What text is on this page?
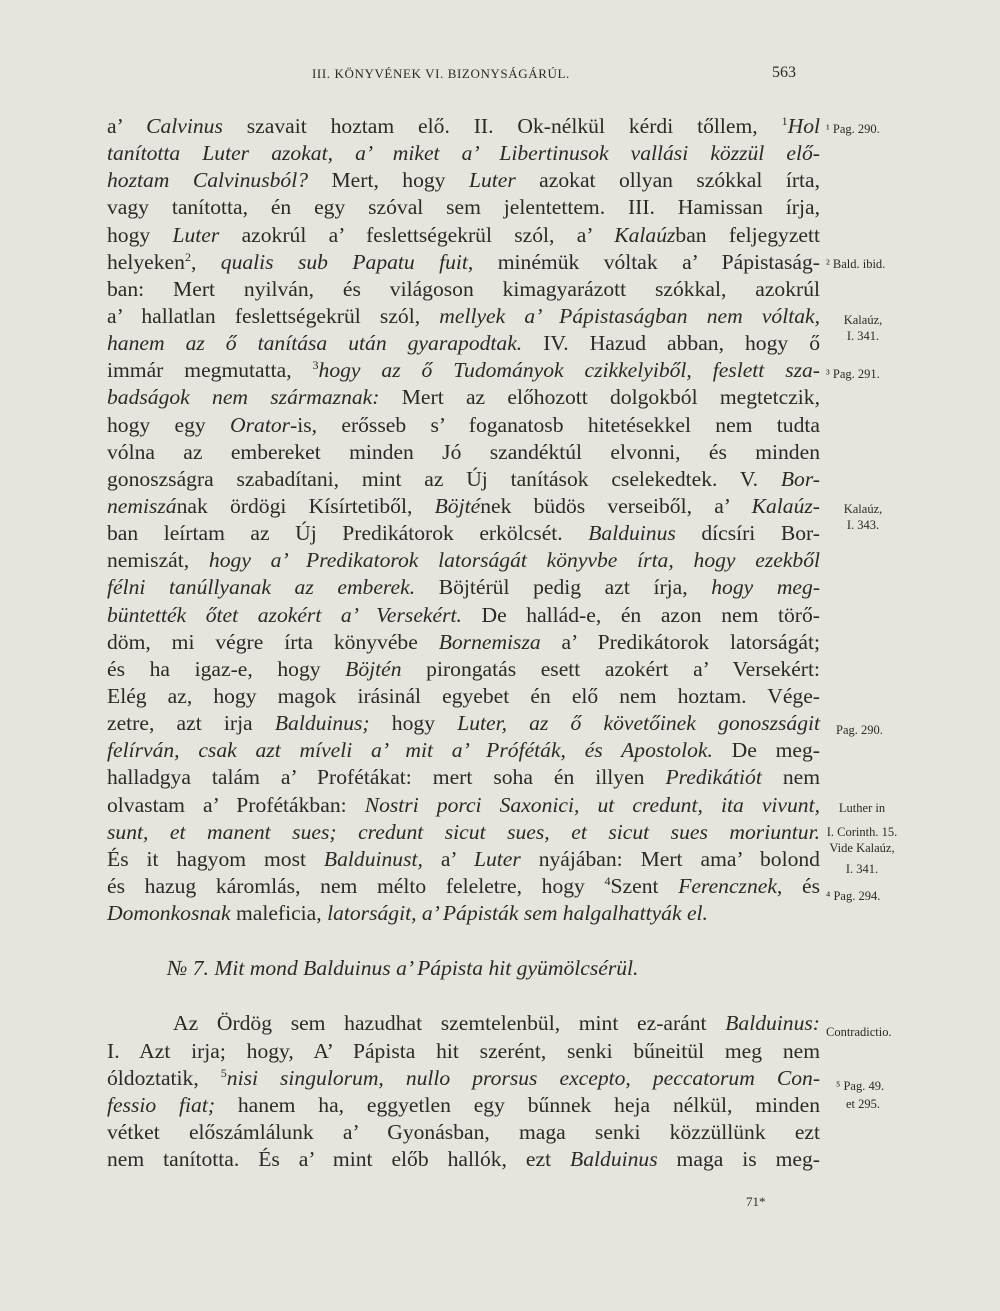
III. KÖNYVÉNEK VI. BIZONYSÁGÁRÚL.	563
a’ Calvinus szavait hoztam elő. II. Ok-nélkül kérdi tőllem, $^1$Hol
tanította Luter azokat, a’ miket a’ Libertinusok vallási közzül elő-
hoztam Calvinusból? Mert, hogy Luter azokat ollyan szókkal írta,
vagy tanította, én egy szóval sem jelentettem. III. Hamissan írja,
hogy Luter azokrúl a’ feslettségekrül szól, a’ Kalaúzban feljegyzett
helyeken$^2$, qualis sub Papatu fuit, minémük vóltak a’ Pápistaság-
ban: Mert nyilván, és világoson kimagyarázott szókkal, azokrúl
a’ hallatlan feslettségekrül szól, mellyek a’ Pápistaságban nem vóltak,
hanem az ő tanítása után gyarapodtak. IV. Hazud abban, hogy ő
immár megmutatta, $^3$hogy az ő Tudományok czikkelyiből, feslett sza-
badságok nem származnak: Mert az előhozott dolgokból megtetczik,
hogy egy Orator-is, erősseb s’ foganatosb hitetésekkel nem tudta
vólna az embereket minden Jó szandéktúl elvonni, és minden
gonoszságra szabadítani, mint az Új tanítások cselekedtek. V. Bor-
nemiszának ördögi Kísírtetiből, Böjtének büdös verseiből, a’ Kalaúz-
ban leírtam az Új Predikátorok erkölcsét. Balduinus dícsíri Bor-
nemiszát, hogy a’ Predikatorok latorságát könyvbe írta, hogy ezekből
félni tanúllyanak az emberek. Böjtérül pedig azt írja, hogy meg-
büntették őtet azokért a’ Versekért. De hallád-e, én azon nem törő-
döm, mi végre írta könyvébe Bornemisza a’ Predikátorok latorságát;
és ha igaz-e, hogy Böjtén pirongatás esett azokért a’ Versekért:
Elég az, hogy magok irásinál egyebet én elő nem hoztam. Vége-
zetre, azt irja Balduinus; hogy Luter, az ő követőinek gonoszságit
felírván, csak azt míveli a’ mit a’ Próféták, és Apostolok. De meg-
halladgya talám a’ Profétákat: mert soha én illyen Predikátiót nem
olvastam a’ Profétákban: Nostri porci Saxonici, ut credunt, ita vivunt,
sunt, et manent sues; credunt sicut sues, et sicut sues moriuntur.
És it hagyom most Balduinust, a’ Luter nyájában: Mert ama’ bolond
és hazug káromlás, nem mélto feleletre, hogy $^4$Szent Ferencznek, és
Domonkosnak maleficia, latorságit, a’ Pápisták sem halgalhattyák el.
№ 7. Mit mond Balduinus a’ Pápista hit gyümölcsérül.
Az Ördög sem hazudhat szemtelenbül, mint ez-aránt Balduinus:
I. Azt irja; hogy, A’ Pápista hit szerént, senki bűneitül meg nem
óldoztatik, $^5$nisi singulorum, nullo prorsus excepto, peccatorum Con-
fessio fiat; hanem ha, eggyetlen egy bűnnek heja nélkül, minden
vétket előszámlálunk a’ Gyonásban, maga senki közzüllünk ezt
nem tanította. És a’ mint előb hallók, ezt Balduinus maga is meg-
71*
¹ Pag. 290.
² Bald. ibid.
Kalaúz,
I. 341.
³ Pag. 291.
Kalaúz,
I. 343.
Pag. 290.
Luther in
I. Corinth. 15.
Vide Kalaúz,
I. 341.
⁴ Pag. 294.
Contradictio.
⁵ Pag. 49.
et 295.
